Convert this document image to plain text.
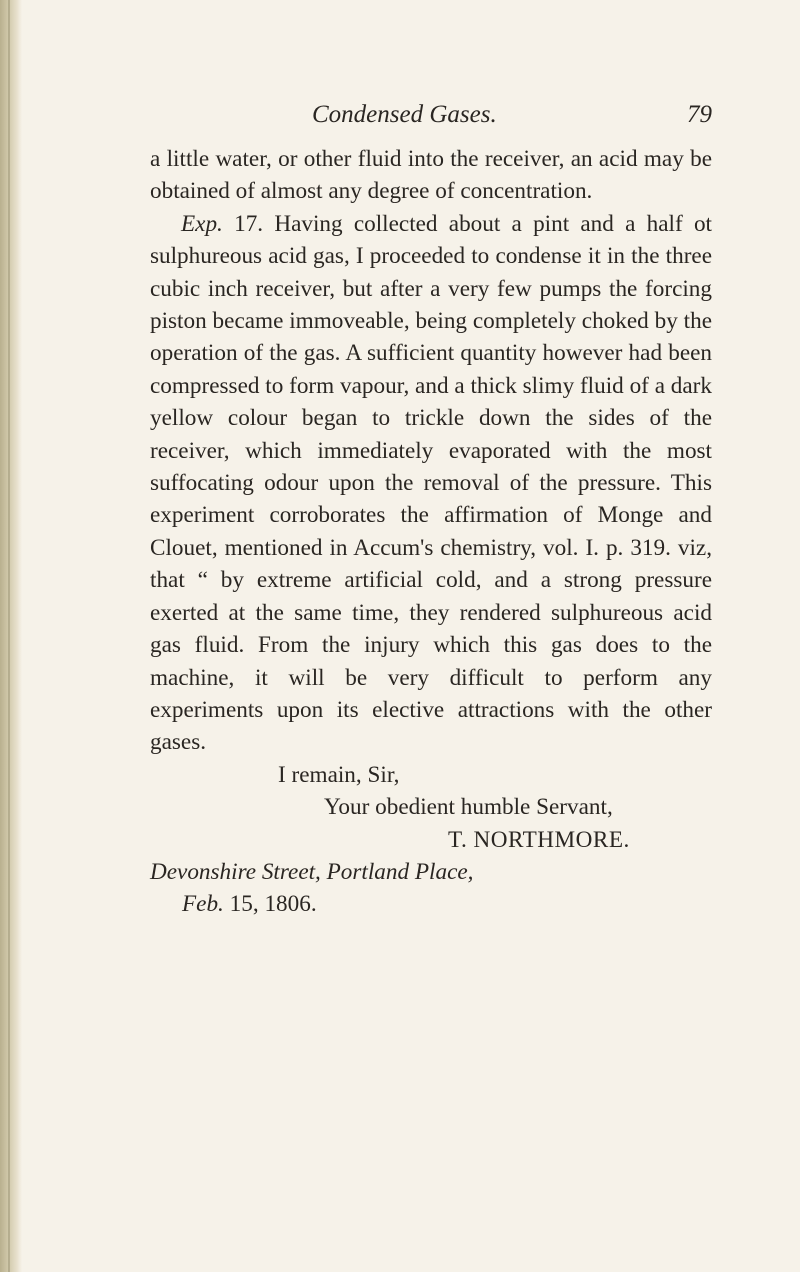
Condensed Gases.	79

a little water, or other fluid into the receiver, an acid may be obtained of almost any degree of concentration.

Exp. 17. Having collected about a pint and a half ot sulphureous acid gas, I proceeded to condense it in the three cubic inch receiver, but after a very few pumps the forcing piston became immoveable, being completely choked by the operation of the gas. A sufficient quantity however had been compressed to form vapour, and a thick slimy fluid of a dark yellow colour began to trickle down the sides of the receiver, which immediately evaporated with the most suffocating odour upon the removal of the pressure. This experiment corroborates the affirmation of Monge and Clouet, mentioned in Accum's chemistry, vol. I. p. 319. viz, that “ by extreme artificial cold, and a strong pressure exerted at the same time, they rendered sulphureous acid gas fluid. From the injury which this gas does to the machine, it will be very difficult to perform any experiments upon its elective attractions with the other gases.

I remain, Sir,

Your obedient humble Servant,

T. NORTHMORE.

Devonshire Street, Portland Place,
Feb. 15, 1806.
